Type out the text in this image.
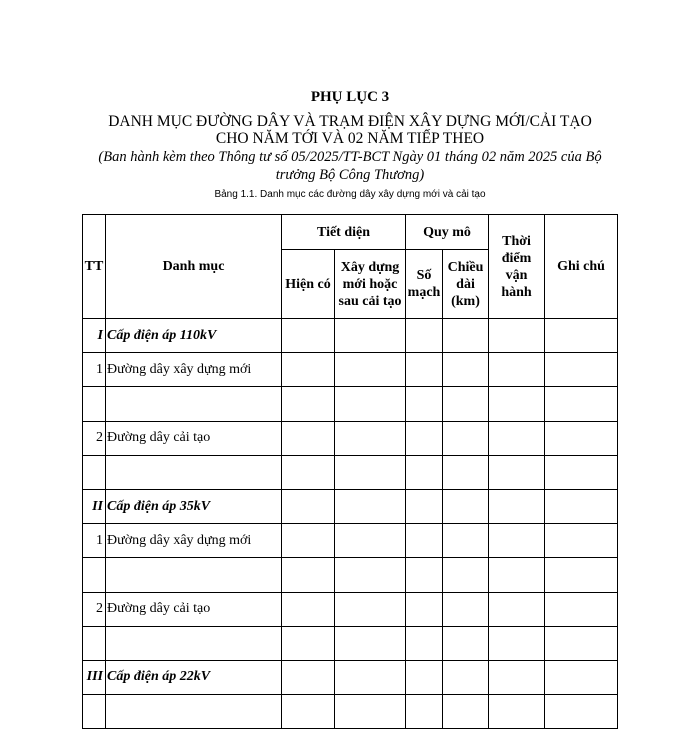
PHỤ LỤC 3
DANH MỤC ĐƯỜNG DÂY VÀ TRẠM ĐIỆN XÂY DỰNG MỚI/CẢI TẠO CHO NĂM TỚI VÀ 02 NĂM TIẾP THEO
(Ban hành kèm theo Thông tư số 05/2025/TT-BCT Ngày 01 tháng 02 năm 2025 của Bộ trưởng Bộ Công Thương)
Bảng 1.1. Danh mục các đường dây xây dựng mới và cải tạo
TT	Danh mục	Tiết diện		Quy mô		Thời điểm vận hành	Ghi chú
		Hiện có	Xây dựng mới hoặc sau cải tạo	Số mạch	Chiều dài (km)		
I	Cấp điện áp 110kV						
1	Đường dây xây dựng mới						

2	Đường dây cải tạo						

II	Cấp điện áp 35kV						
1	Đường dây xây dựng mới						

2	Đường dây cải tạo						

III	Cấp điện áp 22kV						
